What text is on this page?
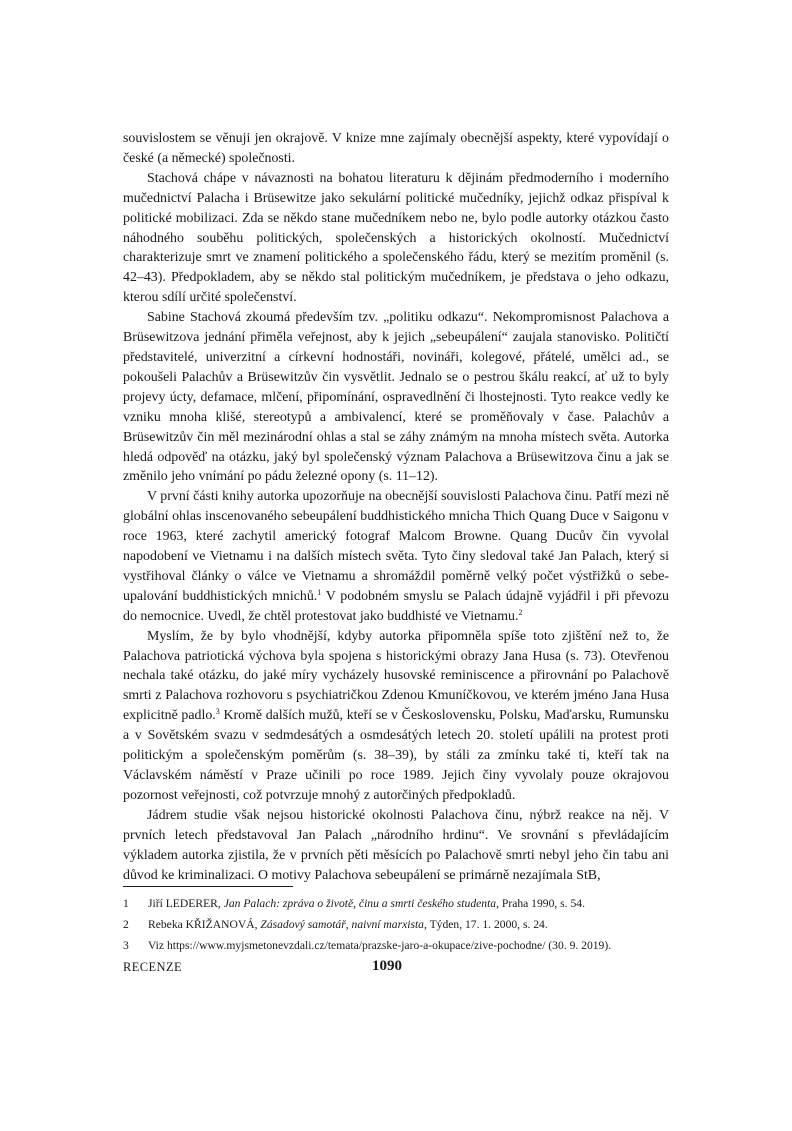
souvislostem se věnuji jen okrajově. V knize mne zajímaly obecnější aspekty, které vypovídají o české (a německé) společnosti.

Stachová chápe v návaznosti na bohatou literaturu k dějinám předmoderního i moderního mučednictví Palacha i Brüsewitze jako sekulární politické mučedníky, jejichž odkaz přispíval k politické mobilizaci. Zda se někdo stane mučedníkem nebo ne, bylo podle autorky otázkou často náhodného souběhu politických, společenských a historických okolností. Mučednictví charakterizuje smrt ve znamení politického a společenského řádu, který se mezitím proměnil (s. 42–43). Předpokladem, aby se někdo stal politickým mučedníkem, je představa o jeho odkazu, kterou sdílí určité společenství.

Sabine Stachová zkoumá především tzv. „politiku odkazu“. Nekompromisnost Palachova a Brüsewitzova jednání přiměla veřejnost, aby k jejich „sebeupálení“ zaujala stanovisko. Političtí představitelé, univerzitní a církevní hodnostáři, novináři, kolegové, přátelé, umělci ad., se pokoušeli Palachův a Brüsewitzův čin vysvětlit. Jednalo se o pestrou škálu reakcí, ať už to byly projevy úcty, defamace, mlčení, připomínání, ospravedlnění či lhostejnosti. Tyto reakce vedly ke vzniku mnoha klišé, stereotypů a ambivalencí, které se proměňovaly v čase. Palachův a Brüsewitzův čin měl mezinárodní ohlas a stal se záhy známým na mnoha místech světa. Autorka hledá odpověď na otázku, jaký byl společenský význam Palachova a Brüsewitzova činu a jak se změnilo jeho vnímání po pádu železné opony (s. 11–12).

V první části knihy autorka upozorňuje na obecnější souvislosti Palachova činu. Patří mezi ně globální ohlas inscenovaného sebeupálení buddhistického mnicha Thich Quang Duce v Saigonu v roce 1963, které zachytil americký fotograf Malcom Browne. Quang Ducův čin vyvolal napodobení ve Vietnamu i na dalších místech světa. Tyto činy sledoval také Jan Palach, který si vystřihoval články o válce ve Vietnamu a shromáždil poměrně velký počet výstřižků o sebe-upalování buddhistických mnichů.$^1$ V podobném smyslu se Palach údajně vyjádřil i při převozu do nemocnice. Uvedl, že chtěl protestovat jako buddhisté ve Vietnamu.$^2$

Myslím, že by bylo vhodnější, kdyby autorka připomněla spíše toto zjištění než to, že Palachova patriotická výchova byla spojena s historickými obrazy Jana Husa (s. 73). Otevřenou nechala také otázku, do jaké míry vycházely husovské reminiscence a přirovnání po Palachově smrti z Palachova rozhovoru s psychiatričkou Zdenou Kmuníčkovou, ve kterém jméno Jana Husa explicitně padlo.$^3$ Kromě dalších mužů, kteří se v Československu, Polsku, Maďarsku, Rumunsku a v Sovětském svazu v sedmdesátých a osmdesátých letech 20. století upálili na protest proti politickým a společenským poměrům (s. 38–39), by stáli za zmínku také ti, kteří tak na Václavském náměstí v Praze učinili po roce 1989. Jejich činy vyvolaly pouze okrajovou pozornost veřejnosti, což potvrzuje mnohý z autorčiných předpokladů.

Jádrem studie však nejsou historické okolnosti Palachova činu, nýbrž reakce na něj. V prvních letech představoval Jan Palach „národního hrdinu“. Ve srovnání s převládajícím výkladem autorka zjistila, že v prvních pěti měsících po Palachově smrti nebyl jeho čin tabu ani důvod ke kriminalizaci. O motivy Palachova sebeupálení se primárně nezajímala StB,

1	Jiří LEDERER, Jan Palach: zpráva o životě, činu a smrti českého studenta, Praha 1990, s. 54.
2	Rebeka KŘIŽANOVÁ, Zásadový samotář, naivní marxista, Týden, 17. 1. 2000, s. 24.
3	Viz https://www.myjsmetonevzdali.cz/temata/prazske-jaro-a-okupace/zive-pochodne/ (30. 9. 2019).
RECENZE	1090
